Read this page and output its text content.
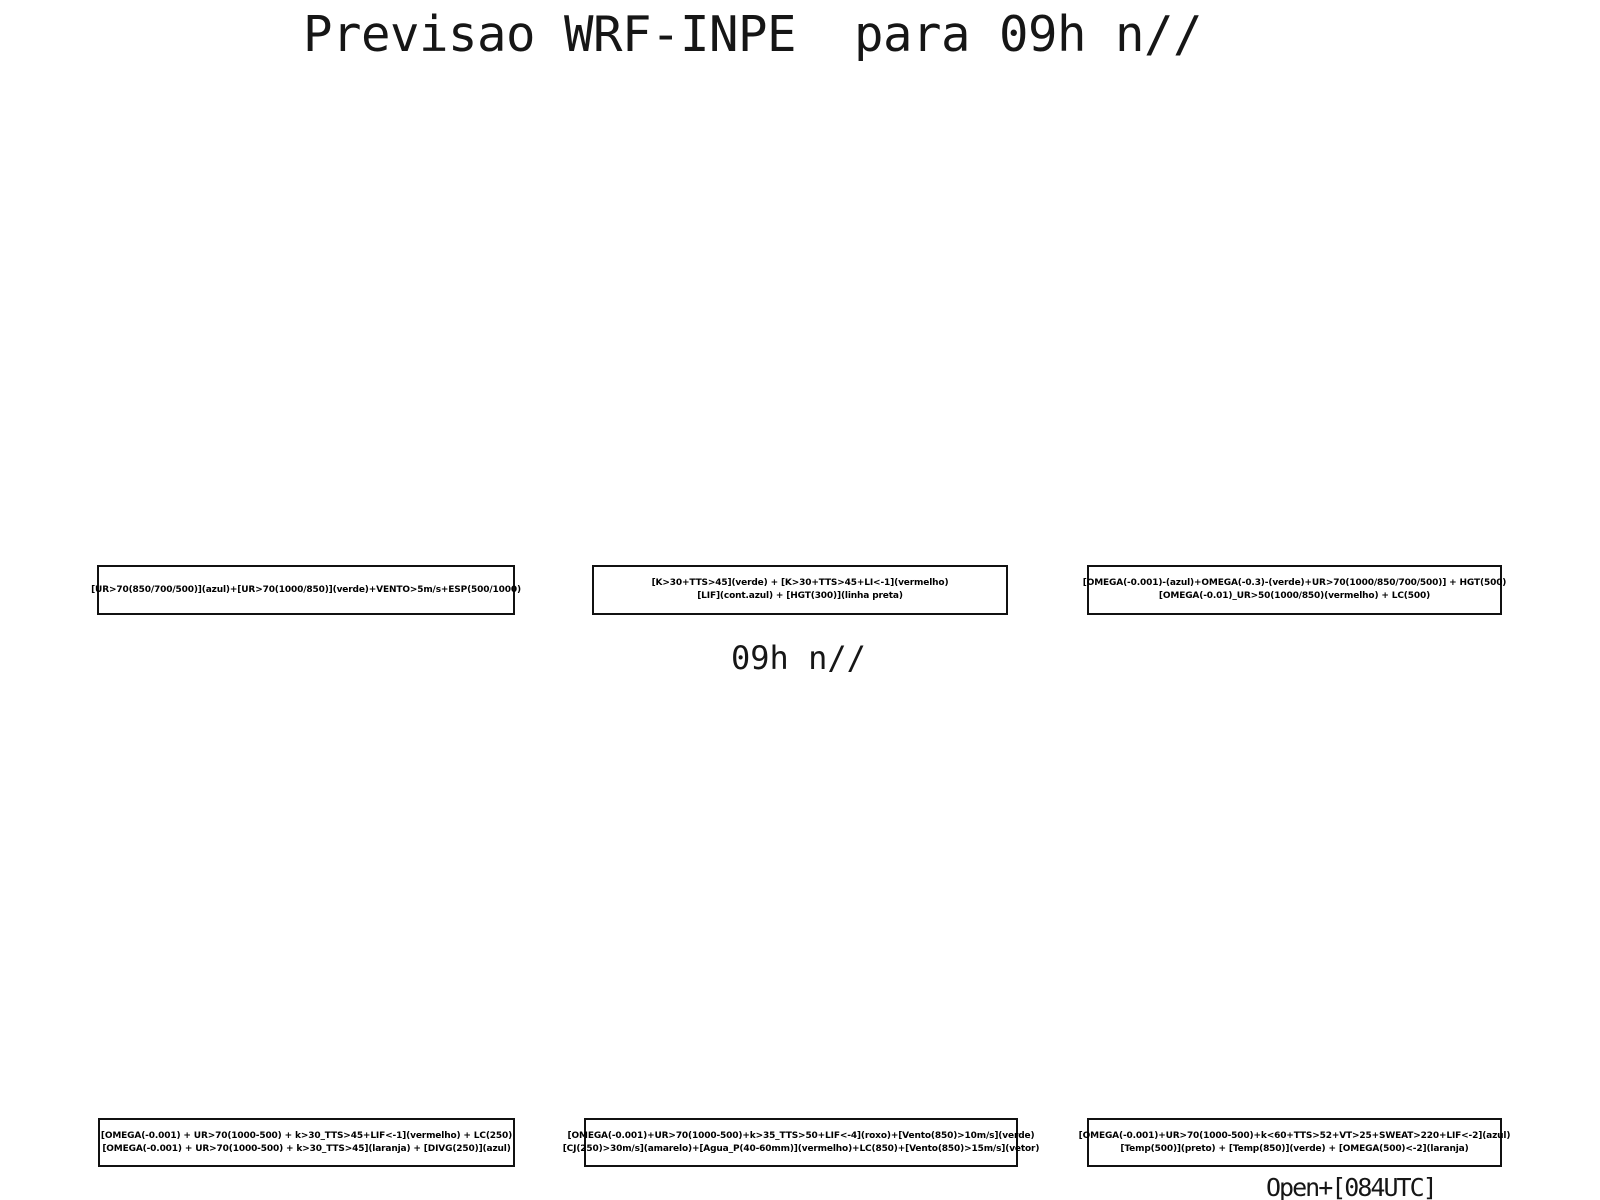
Previsao WRF-INPE  para 09h n//
[UR>70(850/700/500)](azul)+[UR>70(1000/850)](verde)+VENTO>5m/s+ESP(500/1000)
[K>30+TTS>45](verde) + [K>30+TTS>45+LI<-1](vermelho)
[LIF](cont.azul) + [HGT(300)](linha preta)
[OMEGA(-0.001)-(azul)+OMEGA(-0.3)-(verde)+UR>70(1000/850/700/500)] + HGT(500)
[OMEGA(-0.01)_UR>50(1000/850)(vermelho) + LC(500)
09h n//
[OMEGA(-0.001) + UR>70(1000-500) + k>30_TTS>45+LIF<-1](vermelho) + LC(250)
[OMEGA(-0.001) + UR>70(1000-500) + k>30_TTS>45](laranja) + [DIVG(250)](azul)
[OMEGA(-0.001)+UR>70(1000-500)+k>35_TTS>50+LIF<-4](roxo)+[Vento(850)>10m/s](verde)
[CJ(250)>30m/s](amarelo)+[Agua_P(40-60mm)](vermelho)+LC(850)+[Vento(850)>15m/s](vetor)
[OMEGA(-0.001)+UR>70(1000-500)+k<60+TTS>52+VT>25+SWEAT>220+LIF<-2](azul)
[Temp(500)](preto) + [Temp(850)](verde) + [OMEGA(500)<-2](laranja)
Open+[084UTC]
